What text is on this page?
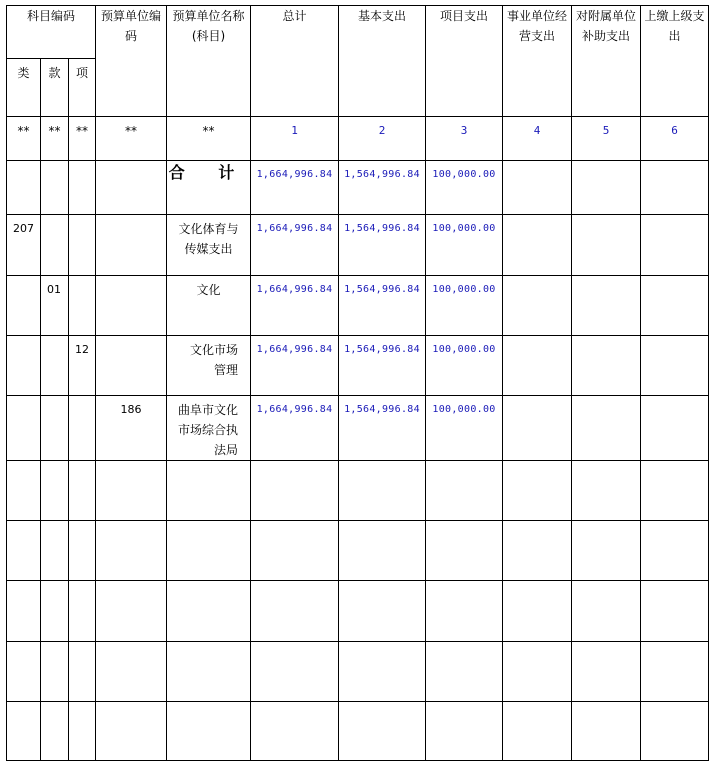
科目编码			预算单位编码	预算单位名称(科目)	总计	基本支出	项目支出	事业单位经营支出	对附属单位补助支出	上缴上级支出
类	款	项								
**	**	**	**	**	1	2	3	4	5	6
				合 计	1,664,996.84	1,564,996.84	100,000.00			
207				文化体育与传媒支出	1,664,996.84	1,564,996.84	100,000.00			
	01			文化	1,664,996.84	1,564,996.84	100,000.00			
		12		文化市场管理	1,664,996.84	1,564,996.84	100,000.00			
			186	曲阜市文化市场综合执法局	1,664,996.84	1,564,996.84	100,000.00			
